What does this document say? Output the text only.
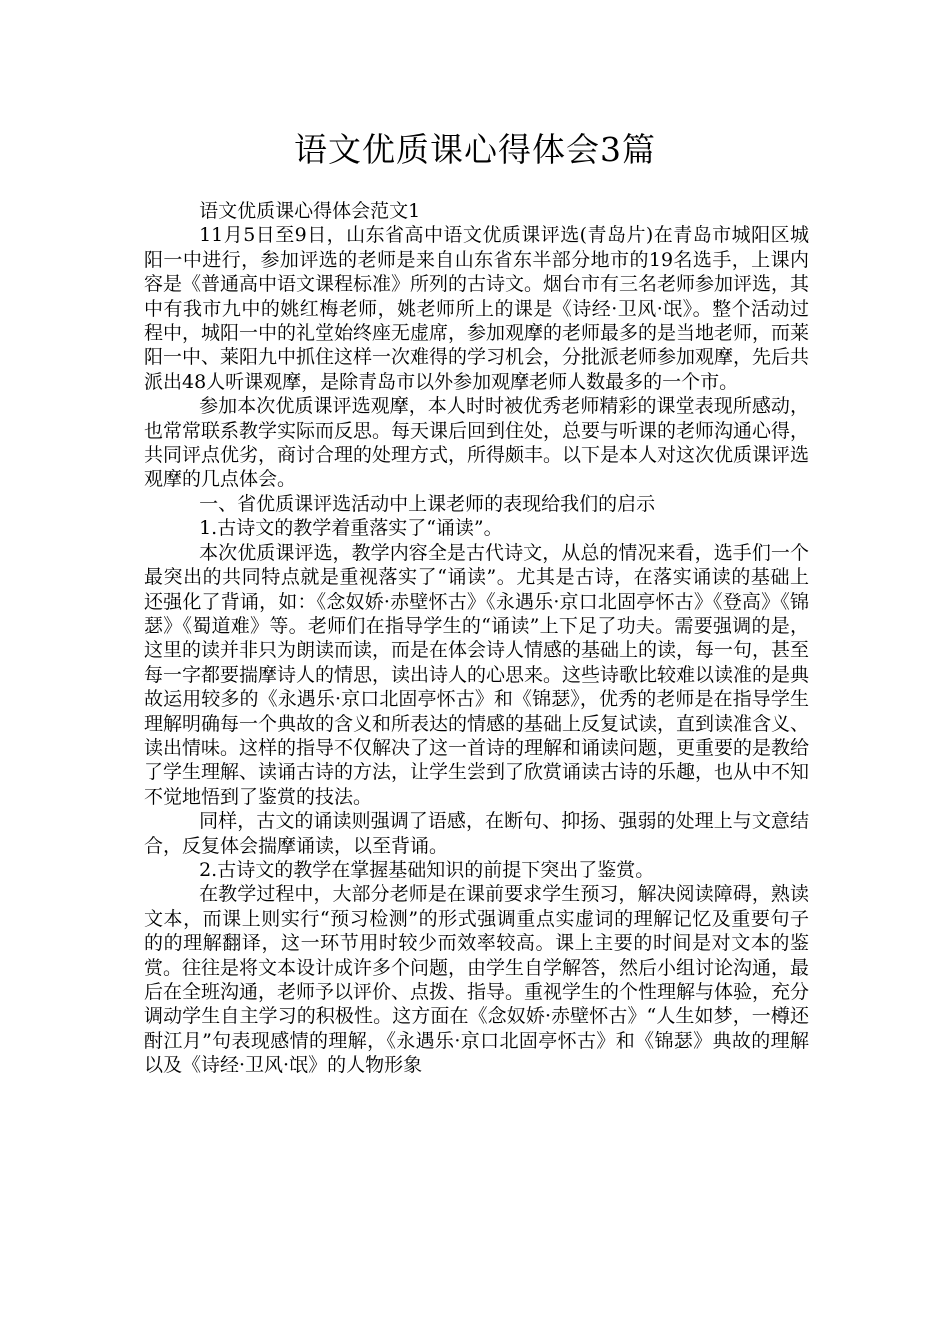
语文优质课心得体会3篇

语文优质课心得体会范文1

11月5日至9日，山东省高中语文优质课评选(青岛片)在青岛市城阳区城阳一中进行，参加评选的老师是来自山东省东半部分地市的19名选手，上课内容是《普通高中语文课程标准》所列的古诗文。烟台市有三名老师参加评选，其中有我市九中的姚红梅老师，姚老师所上的课是《诗经·卫风·氓》。整个活动过程中，城阳一中的礼堂始终座无虚席，参加观摩的老师最多的是当地老师，而莱阳一中、莱阳九中抓住这样一次难得的学习机会，分批派老师参加观摩，先后共派出48人听课观摩，是除青岛市以外参加观摩老师人数最多的一个市。

参加本次优质课评选观摩，本人时时被优秀老师精彩的课堂表现所感动，也常常联系教学实际而反思。每天课后回到住处，总要与听课的老师沟通心得，共同评点优劣，商讨合理的处理方式，所得颇丰。以下是本人对这次优质课评选观摩的几点体会。

一、省优质课评选活动中上课老师的表现给我们的启示

1.古诗文的教学着重落实了“诵读”。

本次优质课评选，教学内容全是古代诗文，从总的情况来看，选手们一个最突出的共同特点就是重视落实了“诵读”。尤其是古诗，在落实诵读的基础上还强化了背诵，如：《念奴娇·赤壁怀古》《永遇乐·京口北固亭怀古》《登高》《锦瑟》《蜀道难》等。老师们在指导学生的“诵读”上下足了功夫。需要强调的是，这里的读并非只为朗读而读，而是在体会诗人情感的基础上的读，每一句，甚至每一字都要揣摩诗人的情思，读出诗人的心思来。这些诗歌比较难以读准的是典故运用较多的《永遇乐·京口北固亭怀古》和《锦瑟》，优秀的老师是在指导学生理解明确每一个典故的含义和所表达的情感的基础上反复试读，直到读准含义、读出情味。这样的指导不仅解决了这一首诗的理解和诵读问题，更重要的是教给了学生理解、读诵古诗的方法，让学生尝到了欣赏诵读古诗的乐趣，也从中不知不觉地悟到了鉴赏的技法。

同样，古文的诵读则强调了语感，在断句、抑扬、强弱的处理上与文意结合，反复体会揣摩诵读，以至背诵。

2.古诗文的教学在掌握基础知识的前提下突出了鉴赏。

在教学过程中，大部分老师是在课前要求学生预习，解决阅读障碍，熟读文本，而课上则实行“预习检测”的形式强调重点实虚词的理解记忆及重要句子的的理解翻译，这一环节用时较少而效率较高。课上主要的时间是对文本的鉴赏。往往是将文本设计成许多个问题，由学生自学解答，然后小组讨论沟通，最后在全班沟通，老师予以评价、点拨、指导。重视学生的个性理解与体验，充分调动学生自主学习的积极性。这方面在《念奴娇·赤壁怀古》“人生如梦，一樽还酎江月”句表现感情的理解，《永遇乐·京口北固亭怀古》和《锦瑟》典故的理解以及《诗经·卫风·氓》的人物形象
